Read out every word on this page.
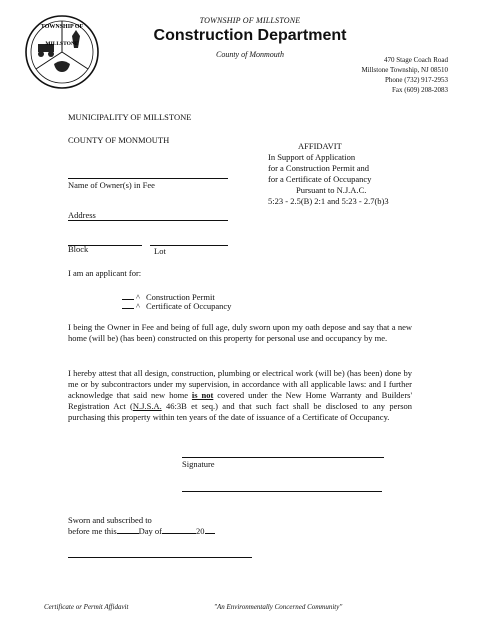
TOWNSHIP OF
MILLSTONE
TOWNSHIP OF MILLSTONE
Construction Department
County of Monmouth
470 Stage Coach Road
Millstone Township, NJ 08510
Phone (732) 917-2953
Fax (609) 208-2083
MUNICIPALITY OF MILLSTONE
COUNTY OF MONMOUTH
Name of Owner(s) in Fee
Address
Block	Lot
AFFIDAVIT
In Support of Application
for a Construction Permit and
for a Certificate of Occupancy
Pursuant to N.J.A.C.
5:23 - 2.5(B) 2:1 and 5:23 - 2.7(b)3
I am an applicant for:
^ Construction Permit
^ Certificate of Occupancy
I being the Owner in Fee and being of full age, duly sworn upon my oath depose and say that a new home (will be) (has been) constructed on this property for personal use and occupancy by me.
I hereby attest that all design, construction, plumbing or electrical work (will be) (has been) done by me or by subcontractors under my supervision, in accordance with all applicable laws: and I further acknowledge that said new home is not covered under the New Home Warranty and Builders' Registration Act (N.J.S.A. 46:3B et seq.) and that such fact shall be disclosed to any person purchasing this property within ten years of the date of issuance of a Certificate of Occupancy.
Signature
Sworn and subscribed to
before me this	Day of	20
Certificate or Permit Affidavit	"An Environmentally Concerned Community"
